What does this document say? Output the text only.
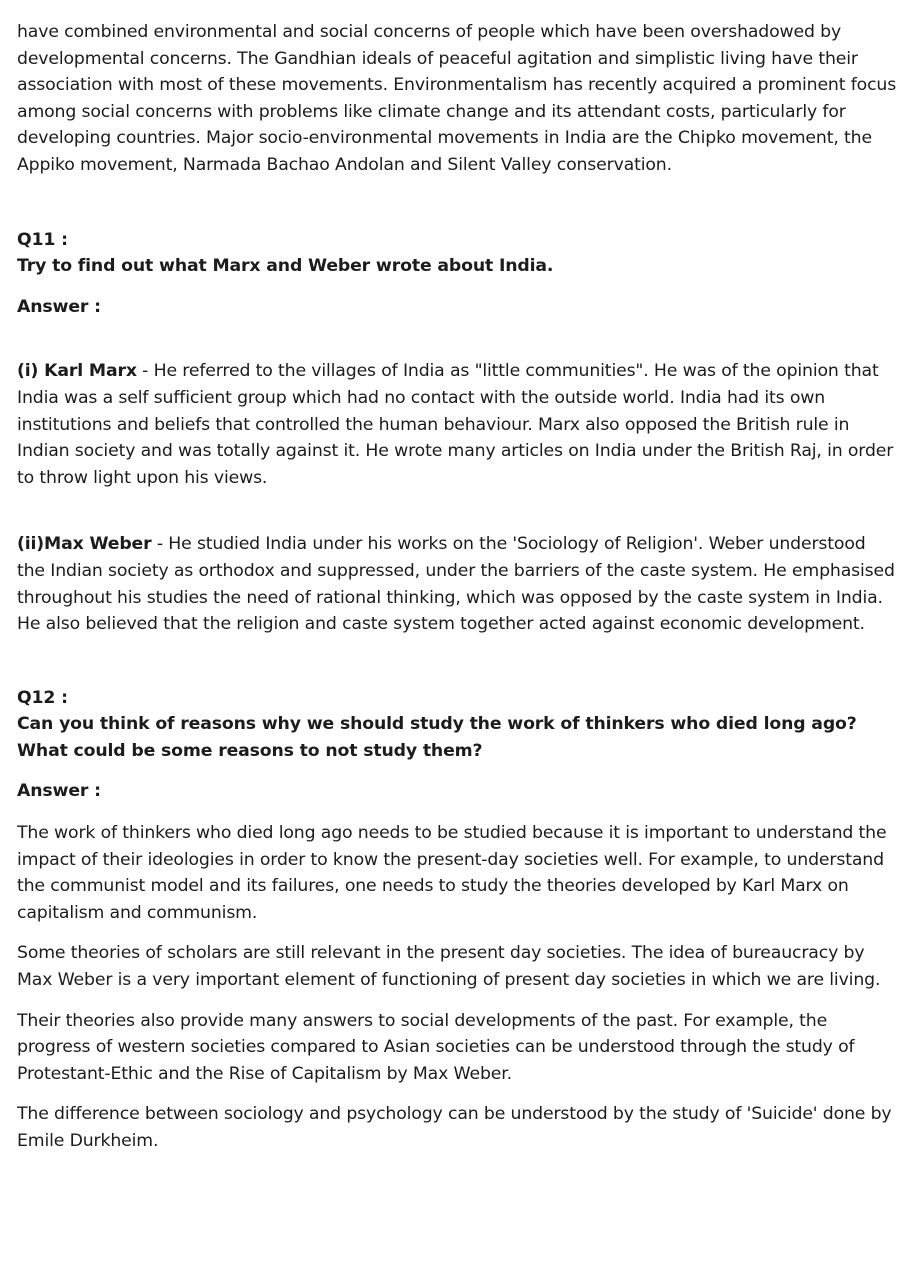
have combined environmental and social concerns of people which have been overshadowed by developmental concerns. The Gandhian ideals of peaceful agitation and simplistic living have their association with most of these movements. Environmentalism has recently acquired a prominent focus among social concerns with problems like climate change and its attendant costs, particularly for developing countries. Major socio-environmental movements in India are the Chipko movement, the Appiko movement, Narmada Bachao Andolan and Silent Valley conservation.

Q11 :

Try to find out what Marx and Weber wrote about India.

Answer :

(i) Karl Marx - He referred to the villages of India as "little communities". He was of the opinion that India was a self sufficient group which had no contact with the outside world. India had its own institutions and beliefs that controlled the human behaviour. Marx also opposed the British rule in Indian society and was totally against it. He wrote many articles on India under the British Raj, in order to throw light upon his views.

(ii)Max Weber - He studied India under his works on the 'Sociology of Religion'. Weber understood the Indian society as orthodox and suppressed, under the barriers of the caste system. He emphasised throughout his studies the need of rational thinking, which was opposed by the caste system in India. He also believed that the religion and caste system together acted against economic development.

Q12 :

Can you think of reasons why we should study the work of thinkers who died long ago? What could be some reasons to not study them?

Answer :

The work of thinkers who died long ago needs to be studied because it is important to understand the impact of their ideologies in order to know the present-day societies well. For example, to understand the communist model and its failures, one needs to study the theories developed by Karl Marx on capitalism and communism.

Some theories of scholars are still relevant in the present day societies. The idea of bureaucracy by Max Weber is a very important element of functioning of present day societies in which we are living.

Their theories also provide many answers to social developments of the past. For example, the progress of western societies compared to Asian societies can be understood through the study of Protestant-Ethic and the Rise of Capitalism by Max Weber.

The difference between sociology and psychology can be understood by the study of 'Suicide' done by Emile Durkheim.
